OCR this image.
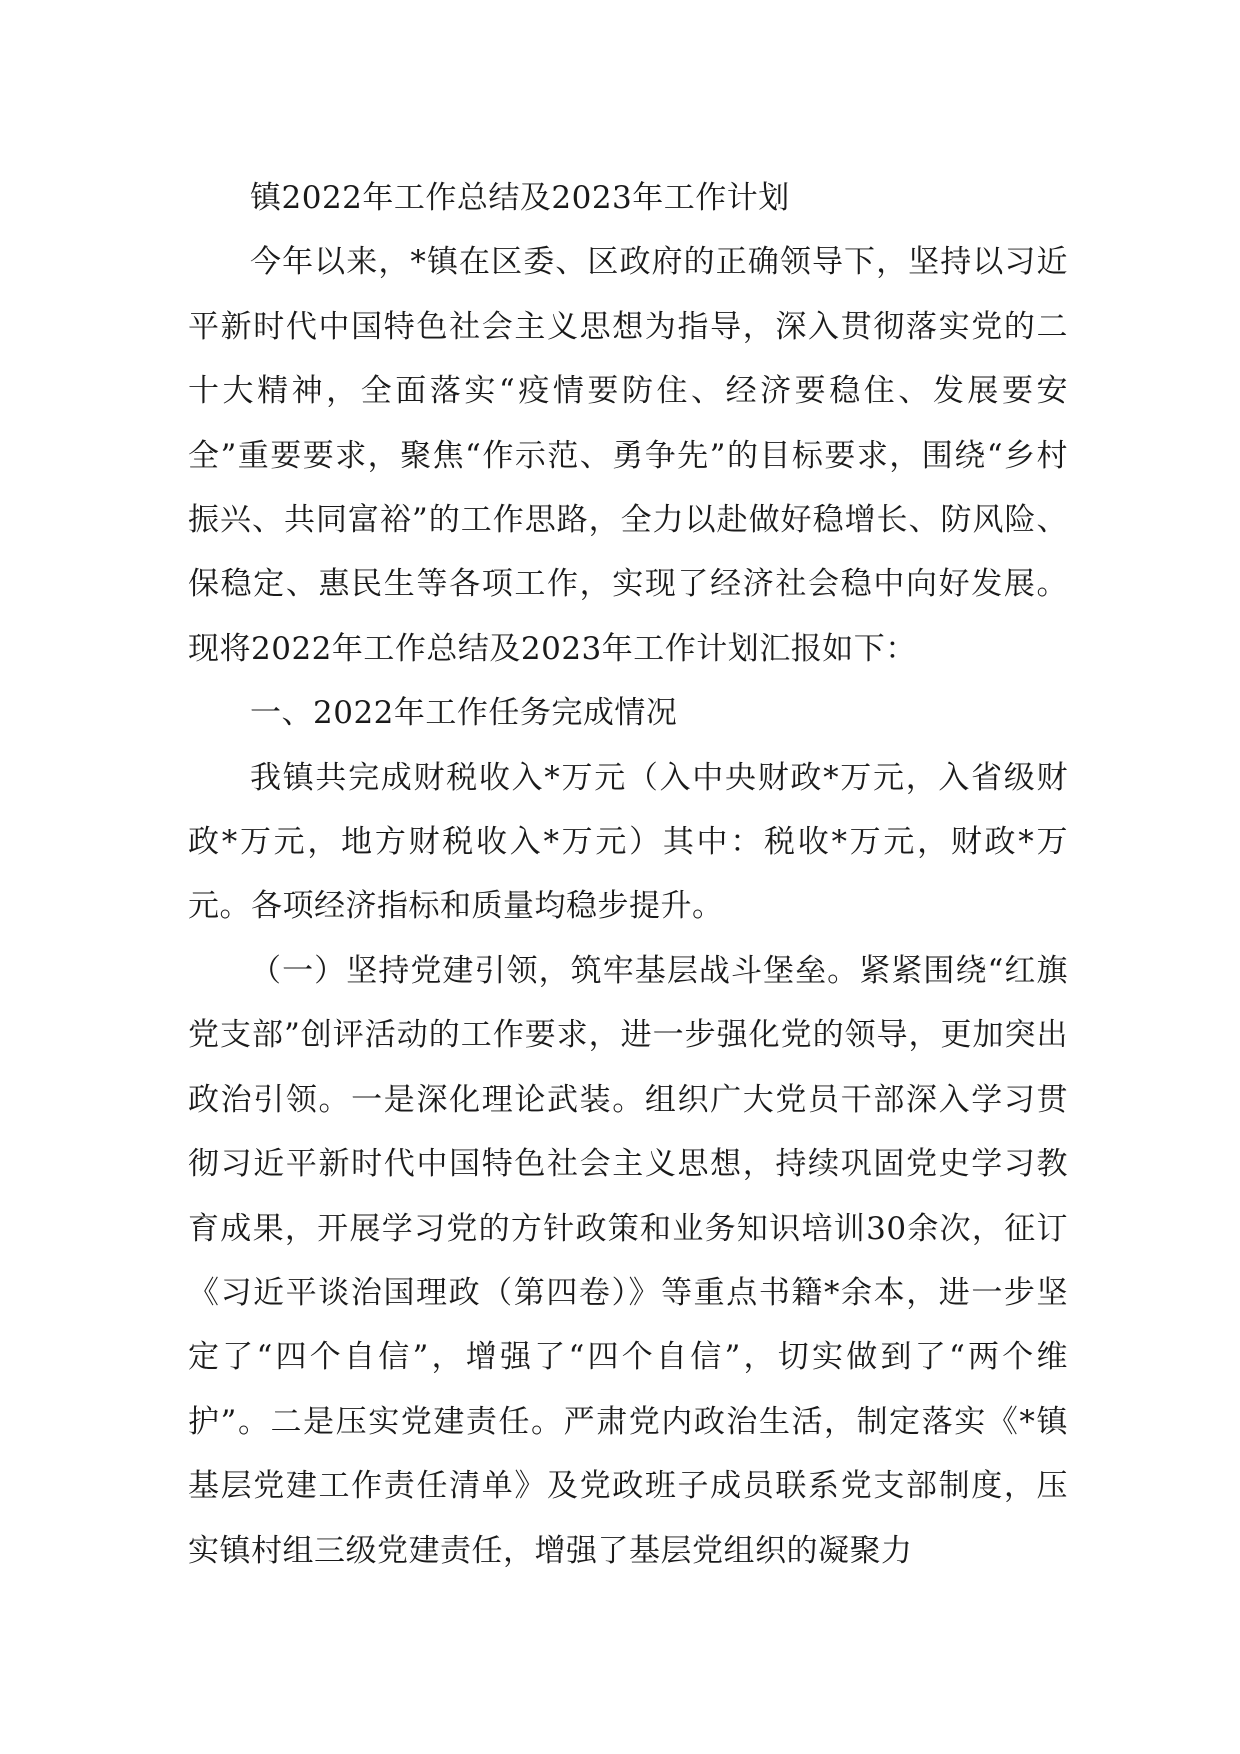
镇2022年工作总结及2023年工作计划

今年以来，*镇在区委、区政府的正确领导下，坚持以习近平新时代中国特色社会主义思想为指导，深入贯彻落实党的二十大精神，全面落实“疫情要防住、经济要稳住、发展要安全”重要要求，聚焦“作示范、勇争先”的目标要求，围绕“乡村振兴、共同富裕”的工作思路，全力以赴做好稳增长、防风险、保稳定、惠民生等各项工作，实现了经济社会稳中向好发展。现将2022年工作总结及2023年工作计划汇报如下：

一、2022年工作任务完成情况

我镇共完成财税收入*万元（入中央财政*万元，入省级财政*万元，地方财税收入*万元）其中：税收*万元，财政*万元。各项经济指标和质量均稳步提升。

（一）坚持党建引领，筑牢基层战斗堡垒。紧紧围绕“红旗党支部”创评活动的工作要求，进一步强化党的领导，更加突出政治引领。一是深化理论武装。组织广大党员干部深入学习贯彻习近平新时代中国特色社会主义思想，持续巩固党史学习教育成果，开展学习党的方针政策和业务知识培训30余次，征订《习近平谈治国理政（第四卷）》等重点书籍*余本，进一步坚定了“四个自信”，增强了“四个自信”，切实做到了“两个维护”。二是压实党建责任。严肃党内政治生活，制定落实《*镇基层党建工作责任清单》及党政班子成员联系党支部制度，压实镇村组三级党建责任，增强了基层党组织的凝聚力
